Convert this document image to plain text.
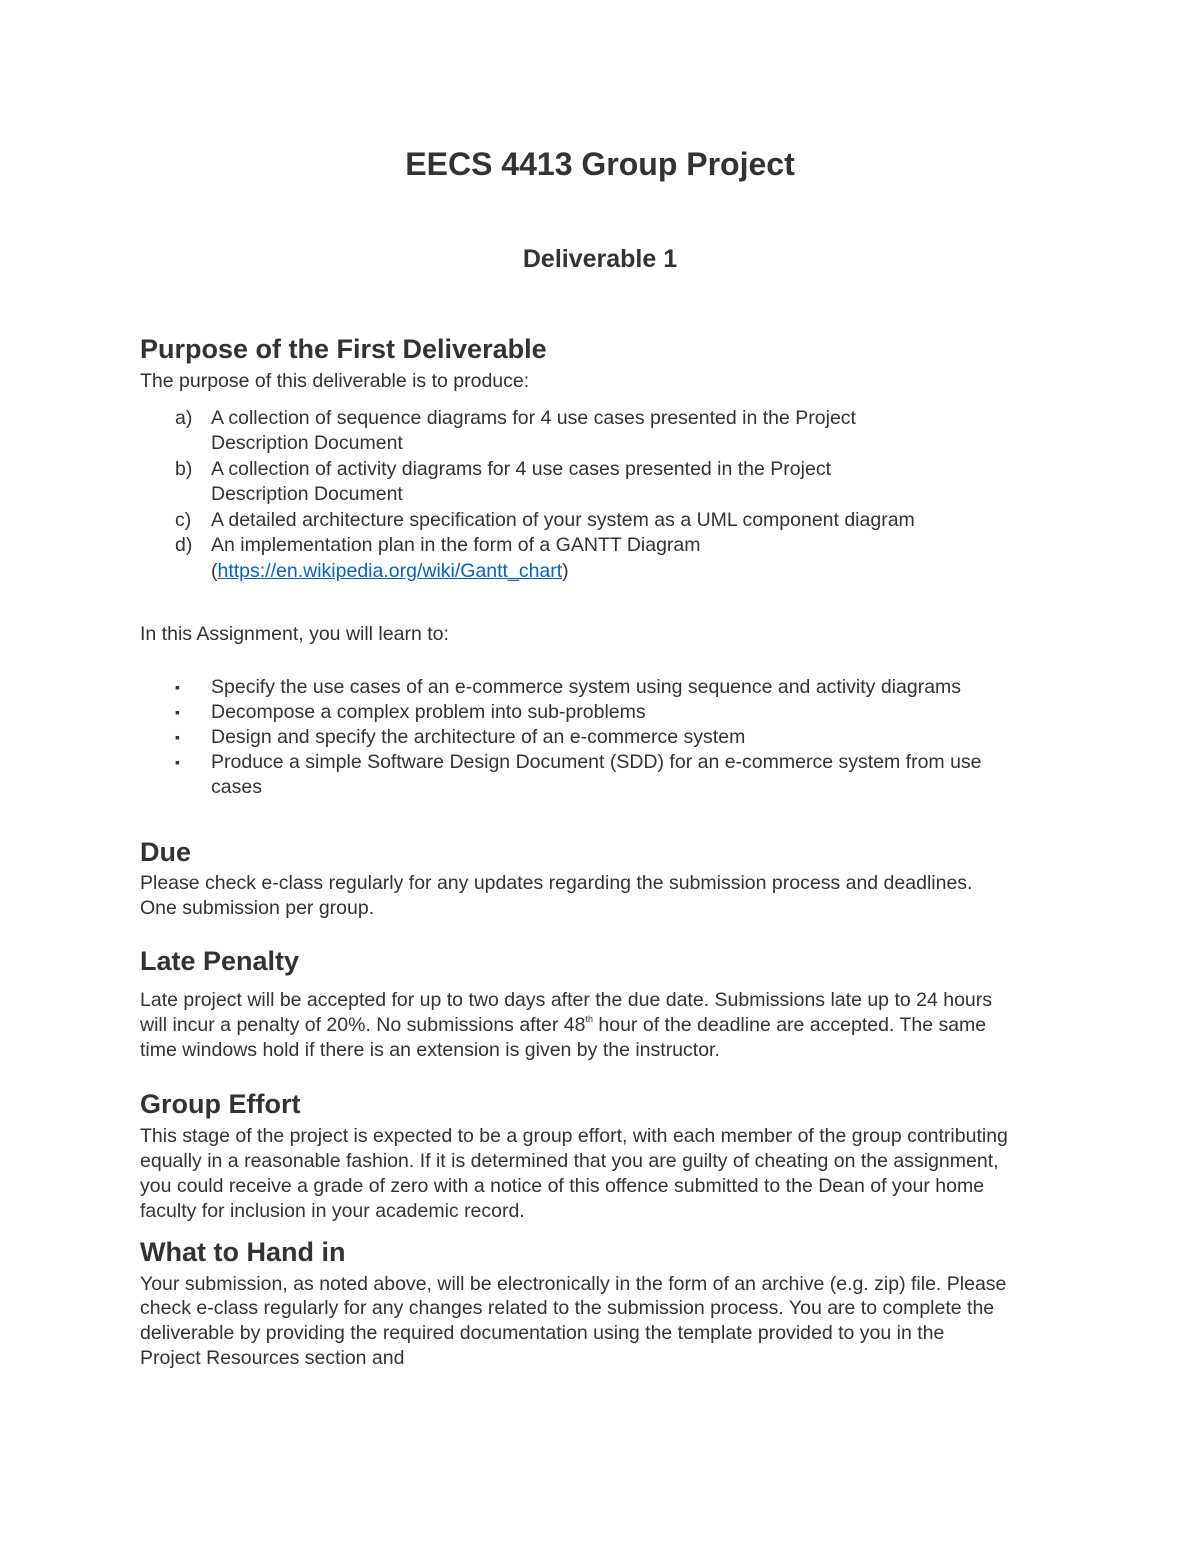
EECS 4413 Group Project
Deliverable 1
Purpose of the First Deliverable
The purpose of this deliverable is to produce:
a) A collection of sequence diagrams for 4 use cases presented in the Project
Description Document
b) A collection of activity diagrams for 4 use cases presented in the Project
Description Document
c) A detailed architecture specification of your system as a UML component diagram
d) An implementation plan in the form of a GANTT Diagram
(https://en.wikipedia.org/wiki/Gantt_chart)
In this Assignment, you will learn to:
▪ Specify the use cases of an e-commerce system using sequence and activity diagrams
▪ Decompose a complex problem into sub-problems
▪ Design and specify the architecture of an e-commerce system
▪ Produce a simple Software Design Document (SDD) for an e-commerce system from use
cases
Due
Please check e-class regularly for any updates regarding the submission process and deadlines.
One submission per group.
Late Penalty
Late project will be accepted for up to two days after the due date. Submissions late up to 24 hours
will incur a penalty of 20%. No submissions after 48th hour of the deadline are accepted. The same
time windows hold if there is an extension is given by the instructor.
Group Effort
This stage of the project is expected to be a group effort, with each member of the group contributing
equally in a reasonable fashion. If it is determined that you are guilty of cheating on the assignment,
you could receive a grade of zero with a notice of this offence submitted to the Dean of your home
faculty for inclusion in your academic record.
What to Hand in
Your submission, as noted above, will be electronically in the form of an archive (e.g. zip) file. Please
check e-class regularly for any changes related to the submission process. You are to complete the
deliverable by providing the required documentation using the template provided to you in the
Project Resources section and
